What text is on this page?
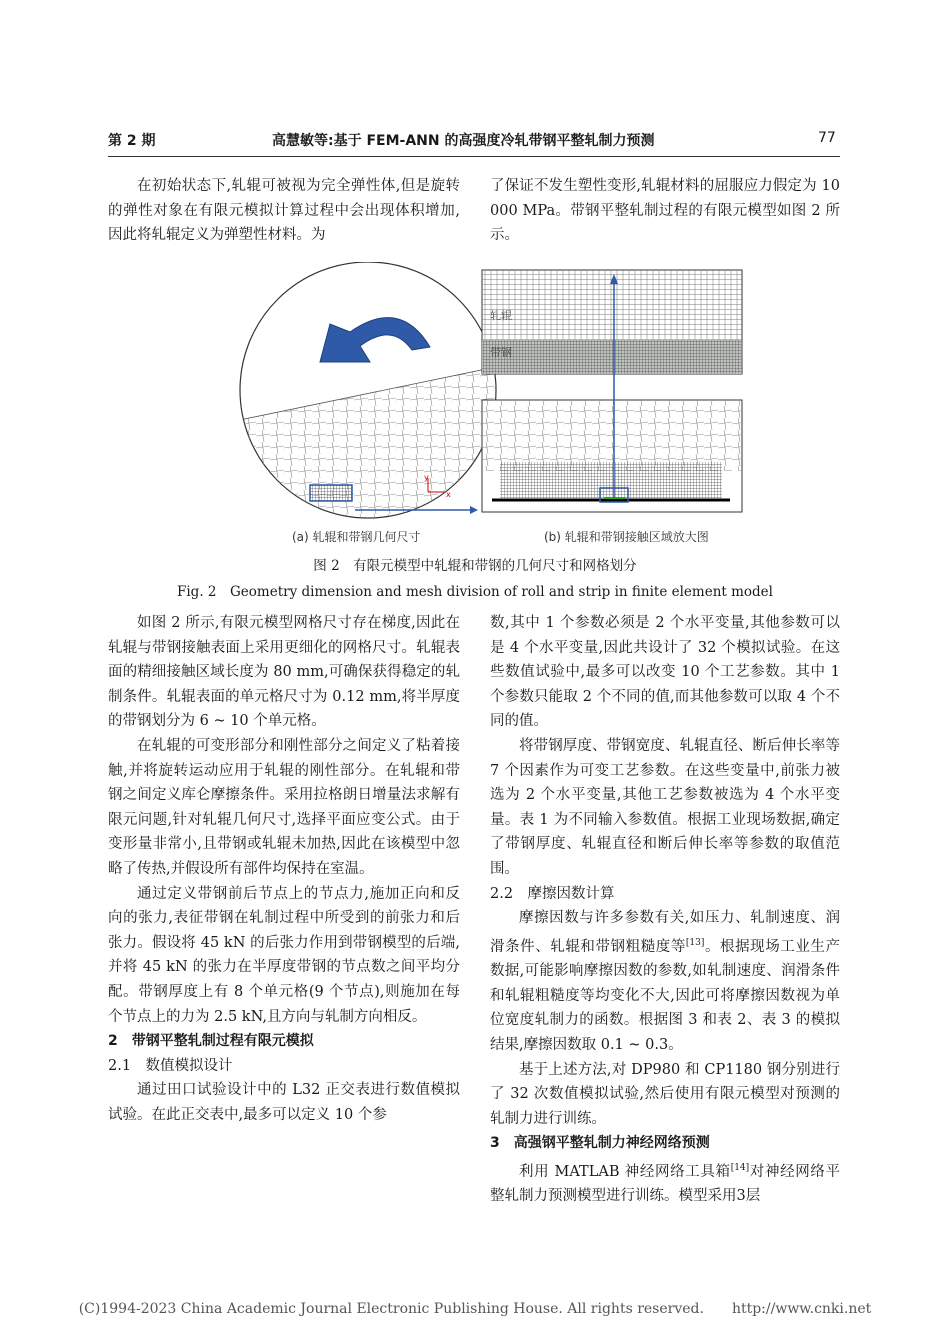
第 2 期	高慧敏等:基于 FEM-ANN 的高强度冷轧带钢平整轧制力预测	77

在初始状态下,轧辊可被视为完全弹性体,但是旋转的弹性对象在有限元模拟计算过程中会出现体积增加,因此将轧辊定义为弹塑性材料。为

了保证不发生塑性变形,轧辊材料的屈服应力假定为 10 000 MPa。带钢平整轧制过程的有限元模型如图 2 所示。

y
x
轧辊
带钢
(a) 轧辊和带钢几何尺寸	(b) 轧辊和带钢接触区域放大图
图 2　有限元模型中轧辊和带钢的几何尺寸和网格划分
Fig. 2　Geometry dimension and mesh division of roll and strip in finite element model

如图 2 所示,有限元模型网格尺寸存在梯度,因此在轧辊与带钢接触表面上采用更细化的网格尺寸。轧辊表面的精细接触区域长度为 80 mm,可确保获得稳定的轧制条件。轧辊表面的单元格尺寸为 0.12 mm,将半厚度的带钢划分为 6 ~ 10 个单元格。

在轧辊的可变形部分和刚性部分之间定义了粘着接触,并将旋转运动应用于轧辊的刚性部分。在轧辊和带钢之间定义库仑摩擦条件。采用拉格朗日增量法求解有限元问题,针对轧辊几何尺寸,选择平面应变公式。由于变形量非常小,且带钢或轧辊未加热,因此在该模型中忽略了传热,并假设所有部件均保持在室温。

通过定义带钢前后节点上的节点力,施加正向和反向的张力,表征带钢在轧制过程中所受到的前张力和后张力。假设将 45 kN 的后张力作用到带钢模型的后端,并将 45 kN 的张力在半厚度带钢的节点数之间平均分配。带钢厚度上有 8 个单元格(9 个节点),则施加在每个节点上的力为 2.5 kN,且方向与轧制方向相反。

2　带钢平整轧制过程有限元模拟

2.1　数值模拟设计

通过田口试验设计中的 L32 正交表进行数值模拟试验。在此正交表中,最多可以定义 10 个参

数,其中 1 个参数必须是 2 个水平变量,其他参数可以是 4 个水平变量,因此共设计了 32 个模拟试验。在这些数值试验中,最多可以改变 10 个工艺参数。其中 1 个参数只能取 2 个不同的值,而其他参数可以取 4 个不同的值。

将带钢厚度、带钢宽度、轧辊直径、断后伸长率等 7 个因素作为可变工艺参数。在这些变量中,前张力被选为 2 个水平变量,其他工艺参数被选为 4 个水平变量。表 1 为不同输入参数值。根据工业现场数据,确定了带钢厚度、轧辊直径和断后伸长率等参数的取值范围。

2.2　摩擦因数计算

摩擦因数与许多参数有关,如压力、轧制速度、润滑条件、轧辊和带钢粗糙度等[13]。根据现场工业生产数据,可能影响摩擦因数的参数,如轧制速度、润滑条件和轧辊粗糙度等均变化不大,因此可将摩擦因数视为单位宽度轧制力的函数。根据图 3 和表 2、表 3 的模拟结果,摩擦因数取 0.1 ~ 0.3。

基于上述方法,对 DP980 和 CP1180 钢分别进行了 32 次数值模拟试验,然后使用有限元模型对预测的轧制力进行训练。

3　高强钢平整轧制力神经网络预测

利用 MATLAB 神经网络工具箱[14]对神经网络平整轧制力预测模型进行训练。模型采用3层

(C)1994-2023 China Academic Journal Electronic Publishing House. All rights reserved.　　http://www.cnki.net
